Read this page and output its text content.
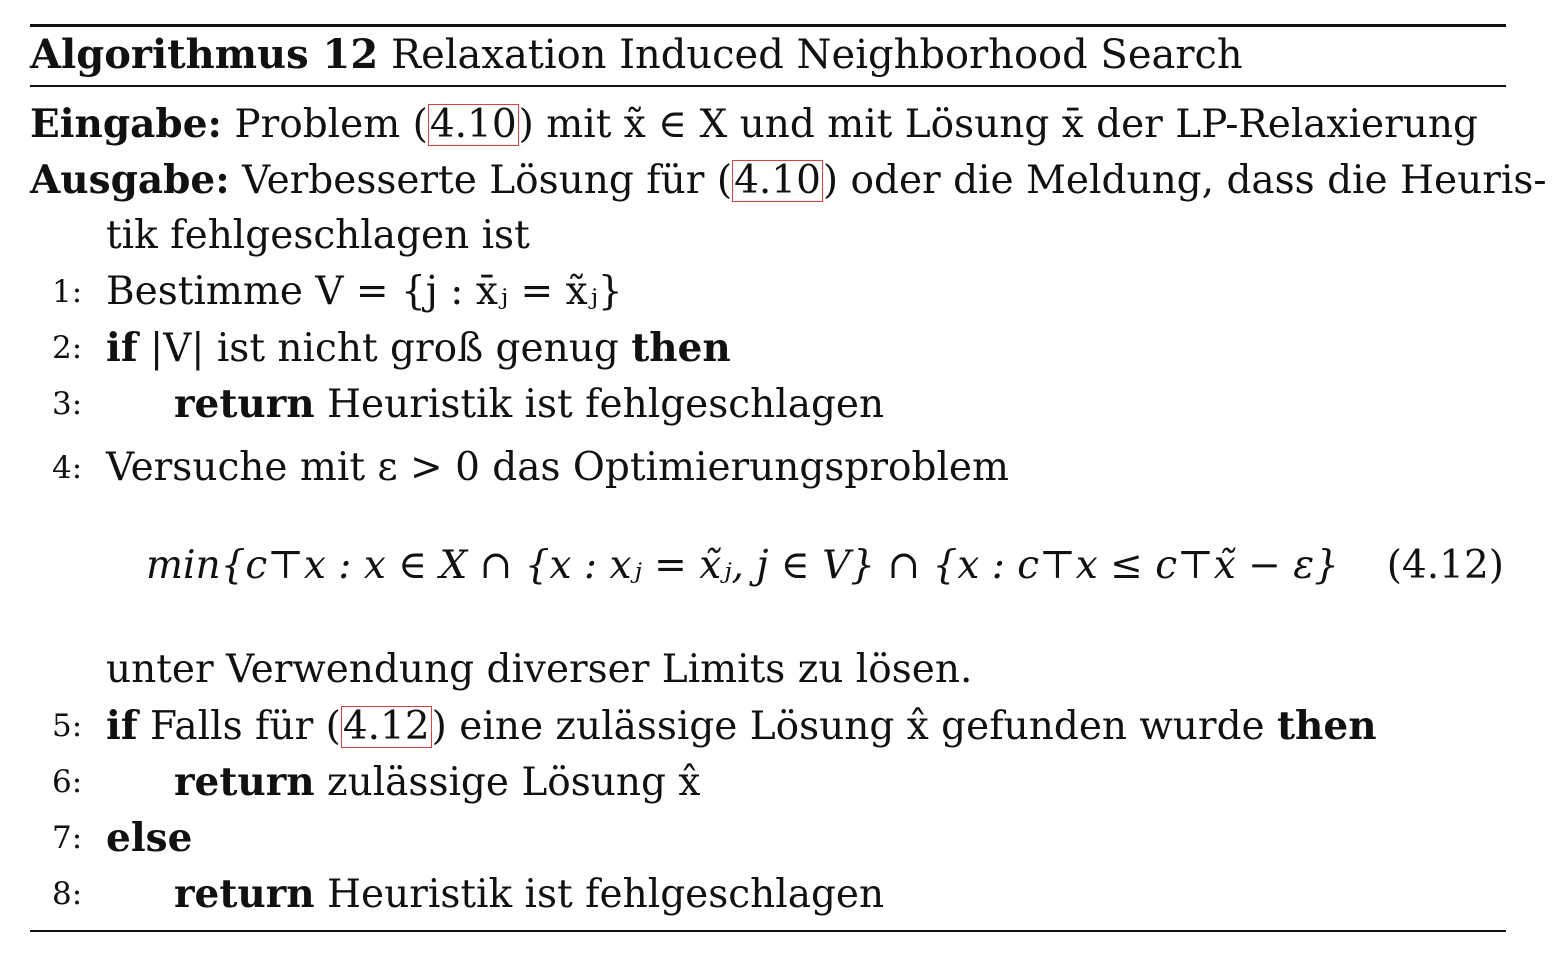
Algorithmus 12 Relaxation Induced Neighborhood Search
Eingabe: Problem (4.10) mit x̃ ∈ X und mit Lösung x̄ der LP-Relaxierung
Ausgabe: Verbesserte Lösung für (4.10) oder die Meldung, dass die Heuris-
tik fehlgeschlagen ist
1: Bestimme V = {j : x̄ⱼ = x̃ⱼ}
2: if |V| ist nicht groß genug then
3: return Heuristik ist fehlgeschlagen
4: Versuche mit ε > 0 das Optimierungsproblem
min{c⊤x : x ∈ X ∩ {x : xⱼ = x̃ⱼ, j ∈ V} ∩ {x : c⊤x ≤ c⊤x̃ − ε} (4.12)
unter Verwendung diverser Limits zu lösen.
5: if Falls für (4.12) eine zulässige Lösung x̂ gefunden wurde then
6: return zulässige Lösung x̂
7: else
8: return Heuristik ist fehlgeschlagen
